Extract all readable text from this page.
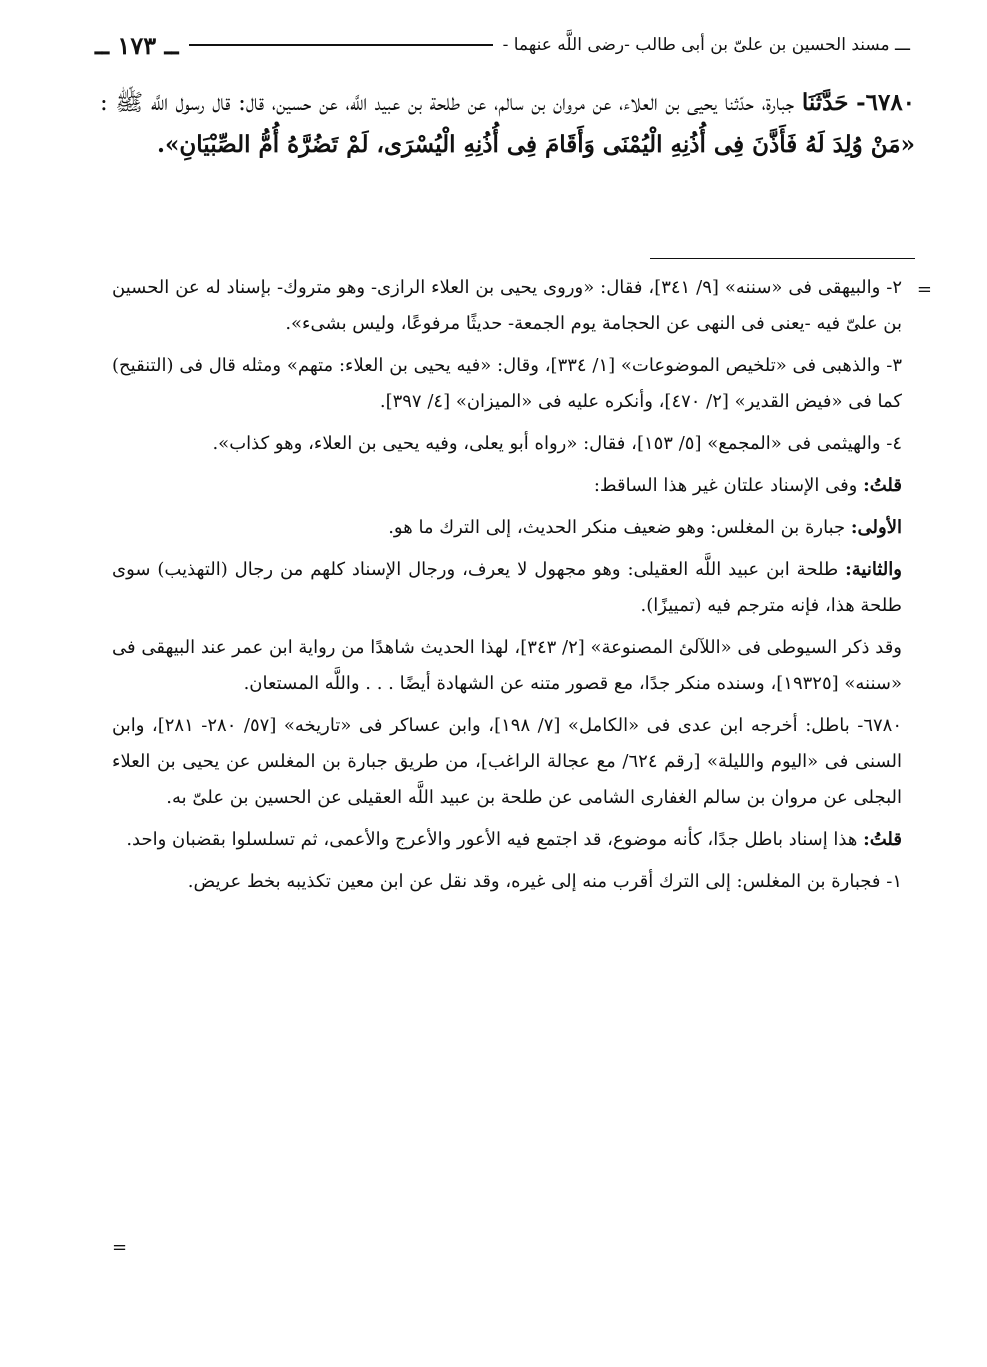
ـــ مسند الحسين بن علىّ بن أبى طالب -رضى اللَّه عنهما -
ــ ١٧٣ ــ
٦٧٨٠- حَدَّثَنَا جبارة، حدّثنا يحيى بن العلاء، عن مروان بن سالم، عن طلحة بن عبيد اللَّه، عن حسين، قال: قال رسول اللَّه ﷺ : «مَنْ وُلِدَ لَهُ فَأَذَّنَ فِى أُذُنِهِ الْيُمْنَى وَأَقَامَ فِى أُذُنِهِ الْيُسْرَى، لَمْ تَضُرَّهُ أُمُّ الصِّبْيَانِ».
=

٢- والبيهقى فى «سننه» [٩/ ٣٤١]، فقال: «وروى يحيى بن العلاء الرازى- وهو متروك- بإسناد له عن الحسين بن علىّ فيه -يعنى فى النهى عن الحجامة يوم الجمعة- حديثًا مرفوعًا، وليس بشىء».

٣- والذهبى فى «تلخيص الموضوعات» [١/ ٣٣٤]، وقال: «فيه يحيى بن العلاء: متهم» ومثله قال فى (التنقيح) كما فى «فيض القدير» [٢/ ٤٧٠]، وأنكره عليه فى «الميزان» [٤/ ٣٩٧].

٤- والهيثمى فى «المجمع» [٥/ ١٥٣]، فقال: «رواه أبو يعلى، وفيه يحيى بن العلاء، وهو كذاب».

قلتُ: وفى الإسناد علتان غير هذا الساقط:

الأولى: جبارة بن المغلس: وهو ضعيف منكر الحديث، إلى الترك ما هو.

والثانية: طلحة ابن عبيد اللَّه العقيلى: وهو مجهول لا يعرف، ورجال الإسناد كلهم من رجال (التهذيب) سوى طلحة هذا، فإنه مترجم فيه (تمييزًا).

وقد ذكر السيوطى فى «اللآلئ المصنوعة» [٢/ ٣٤٣]، لهذا الحديث شاهدًا من رواية ابن عمر عند البيهقى فى «سننه» [١٩٣٢٥]، وسنده منكر جدًا، مع قصور متنه عن الشهادة أيضًا . . . واللَّه المستعان.

٦٧٨٠- باطل: أخرجه ابن عدى فى «الكامل» [٧/ ١٩٨]، وابن عساكر فى «تاريخه» [٥٧/ ٢٨٠- ٢٨١]، وابن السنى فى «اليوم والليلة» [رقم ٦٢٤/ مع عجالة الراغب]، من طريق جبارة بن المغلس عن يحيى بن العلاء البجلى عن مروان بن سالم الغفارى الشامى عن طلحة بن عبيد اللَّه العقيلى عن الحسين بن علىّ به.

قلتُ: هذا إسناد باطل جدًا، كأنه موضوع، قد اجتمع فيه الأعور والأعرج والأعمى، ثم تسلسلوا بقضبان واحد.

١- فجبارة بن المغلس: إلى الترك أقرب منه إلى غيره، وقد نقل عن ابن معين تكذيبه بخط عريض.

=
